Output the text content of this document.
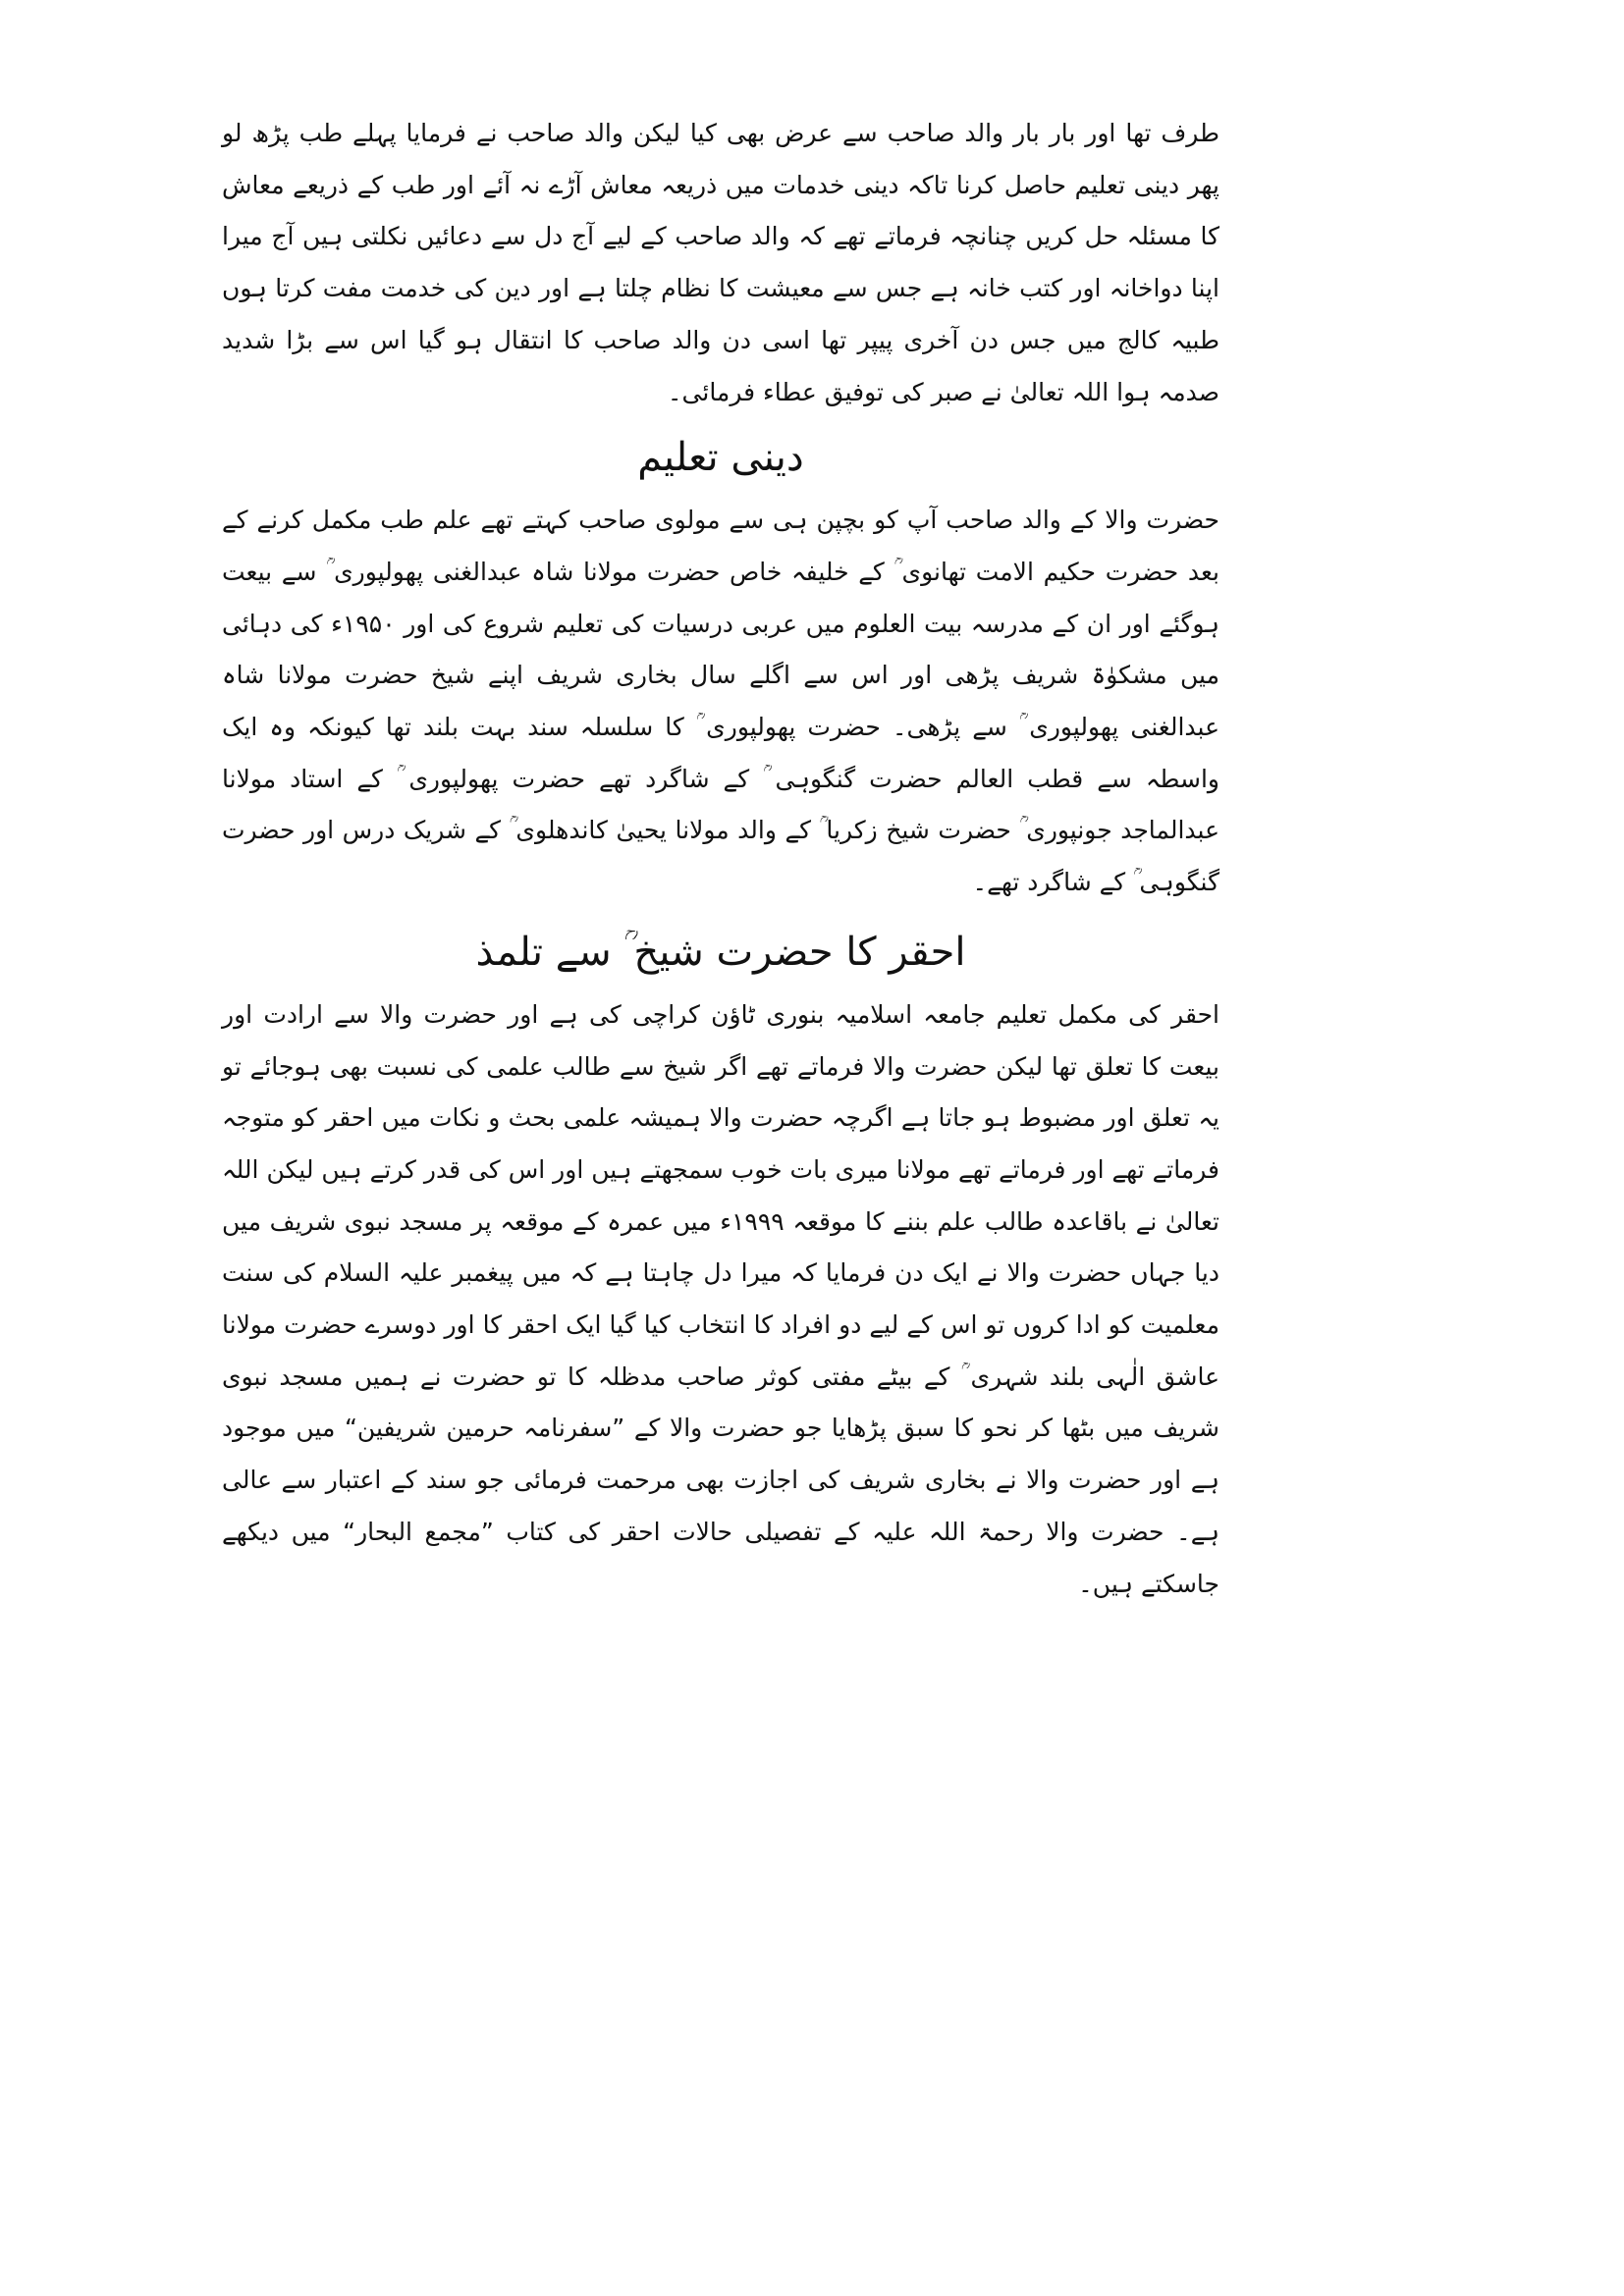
طرف تھا اور بار بار والد صاحب سے عرض بھی کیا لیکن والد صاحب نے فرمایا پہلے طب پڑھ لو پھر دینی تعلیم حاصل کرنا تاکہ دینی خدمات میں ذریعہ معاش آڑے نہ آئے اور طب کے ذریعے معاش کا مسئلہ حل کریں چنانچہ فرماتے تھے کہ والد صاحب کے لیے آج دل سے دعائیں نکلتی ہیں آج میرا اپنا دواخانہ اور کتب خانہ ہے جس سے معیشت کا نظام چلتا ہے اور دین کی خدمت مفت کرتا ہوں طبیہ کالج میں جس دن آخری پیپر تھا اسی دن والد صاحب کا انتقال ہو گیا اس سے بڑا شدید صدمہ ہوا اللہ تعالیٰ نے صبر کی توفیق عطاء فرمائی۔

دینی تعلیم

حضرت والا کے والد صاحب آپ کو بچپن ہی سے مولوی صاحب کہتے تھے علم طب مکمل کرنے کے بعد حضرت حکیم الامت تھانوی ؒ کے خلیفہ خاص حضرت مولانا شاہ عبدالغنی پھولپوری ؒ سے بیعت ہوگئے اور ان کے مدرسہ بیت العلوم میں عربی درسیات کی تعلیم شروع کی اور ۱۹۵۰ء کی دہائی میں مشکوٰۃ شریف پڑھی اور اس سے اگلے سال بخاری شریف اپنے شیخ حضرت مولانا شاہ عبدالغنی پھولپوری ؒ سے پڑھی۔ حضرت پھولپوری ؒ کا سلسلہ سند بہت بلند تھا کیونکہ وہ ایک واسطہ سے قطب العالم حضرت گنگوہی ؒ کے شاگرد تھے حضرت پھولپوری ؒ کے استاد مولانا عبدالماجد جونپوری ؒ حضرت شیخ زکریا ؒ کے والد مولانا یحییٰ کاندھلوی ؒ کے شریک درس اور حضرت گنگوہی ؒ کے شاگرد تھے۔

احقر کا حضرت شیخ ؒ سے تلمذ

احقر کی مکمل تعلیم جامعہ اسلامیہ بنوری ٹاؤن کراچی کی ہے اور حضرت والا سے ارادت اور بیعت کا تعلق تھا لیکن حضرت والا فرماتے تھے اگر شیخ سے طالب علمی کی نسبت بھی ہوجائے تو یہ تعلق اور مضبوط ہو جاتا ہے اگرچہ حضرت والا ہمیشہ علمی بحث و نکات میں احقر کو متوجہ فرماتے تھے اور فرماتے تھے مولانا میری بات خوب سمجھتے ہیں اور اس کی قدر کرتے ہیں لیکن اللہ تعالیٰ نے باقاعدہ طالب علم بننے کا موقعہ ۱۹۹۹ء میں عمرہ کے موقعہ پر مسجد نبوی شریف میں دیا جہاں حضرت والا نے ایک دن فرمایا کہ میرا دل چاہتا ہے کہ میں پیغمبر علیہ السلام کی سنت معلمیت کو ادا کروں تو اس کے لیے دو افراد کا انتخاب کیا گیا ایک احقر کا اور دوسرے حضرت مولانا عاشق الٰہی بلند شہری ؒ کے بیٹے مفتی کوثر صاحب مدظلہ کا تو حضرت نے ہمیں مسجد نبوی شریف میں بٹھا کر نحو کا سبق پڑھایا جو حضرت والا کے ”سفرنامہ حرمین شریفین“ میں موجود ہے اور حضرت والا نے بخاری شریف کی اجازت بھی مرحمت فرمائی جو سند کے اعتبار سے عالی ہے۔ حضرت والا رحمۃ اللہ علیہ کے تفصیلی حالات احقر کی کتاب ”مجمع البحار“ میں دیکھے جاسکتے ہیں۔
